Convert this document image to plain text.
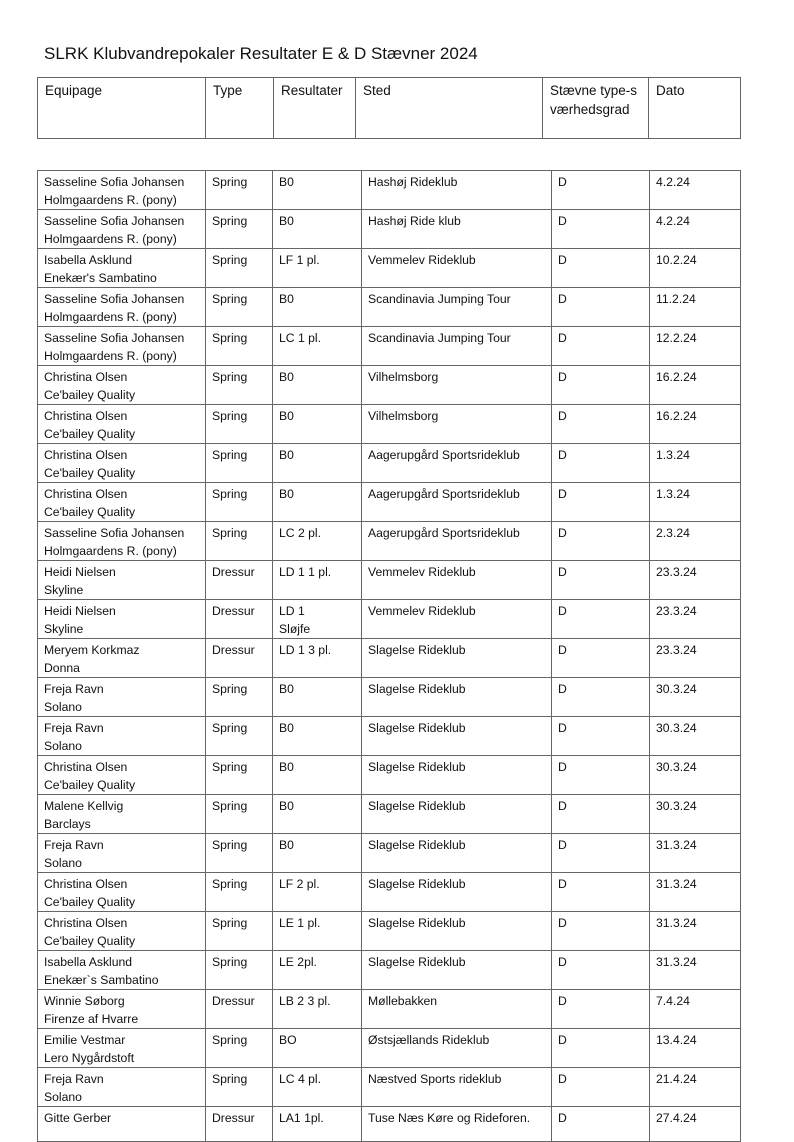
SLRK Klubvandrepokaler Resultater E & D Stævner 2024
Equipage	Type	Resultater	Sted	Stævne type-sværhedsgrad	Dato
Sasseline Sofia Johansen
Holmgaardens R. (pony)	Spring	B0	Hashøj Rideklub	D	4.2.24

Sasseline Sofia Johansen
Holmgaardens R. (pony)	Spring	B0	Hashøj Ride klub	D	4.2.24

Isabella Asklund
Enekær's Sambatino	Spring	LF 1 pl.	Vemmelev Rideklub	D	10.2.24

Sasseline Sofia Johansen
Holmgaardens R. (pony)	Spring	B0	Scandinavia Jumping Tour	D	11.2.24

Sasseline Sofia Johansen
Holmgaardens R. (pony)	Spring	LC 1 pl.	Scandinavia Jumping Tour	D	12.2.24

Christina Olsen
Ce'bailey Quality	Spring	B0	Vilhelmsborg	D	16.2.24

Christina Olsen
Ce'bailey Quality	Spring	B0	Vilhelmsborg	D	16.2.24

Christina Olsen
Ce'bailey Quality	Spring	B0	Aagerupgård Sportsrideklub	D	1.3.24

Christina Olsen
Ce'bailey Quality	Spring	B0	Aagerupgård Sportsrideklub	D	1.3.24

Sasseline Sofia Johansen
Holmgaardens R. (pony)	Spring	LC 2 pl.	Aagerupgård Sportsrideklub	D	2.3.24

Heidi Nielsen
Skyline	Dressur	LD 1 1 pl.	Vemmelev Rideklub	D	23.3.24

Heidi Nielsen
Skyline	Dressur	LD 1
Sløjfe	Vemmelev Rideklub	D	23.3.24

Meryem Korkmaz
Donna	Dressur	LD 1 3 pl.	Slagelse Rideklub	D	23.3.24

Freja Ravn
Solano	Spring	B0	Slagelse Rideklub	D	30.3.24

Freja Ravn
Solano	Spring	B0	Slagelse Rideklub	D	30.3.24

Christina Olsen
Ce'bailey Quality	Spring	B0	Slagelse Rideklub	D	30.3.24

Malene Kellvig
Barclays	Spring	B0	Slagelse Rideklub	D	30.3.24

Freja Ravn
Solano	Spring	B0	Slagelse Rideklub	D	31.3.24

Christina Olsen
Ce'bailey Quality	Spring	LF 2 pl.	Slagelse Rideklub	D	31.3.24

Christina Olsen
Ce'bailey Quality	Spring	LE 1 pl.	Slagelse Rideklub	D	31.3.24

Isabella Asklund
Enekær`s Sambatino	Spring	LE 2pl.	Slagelse Rideklub	D	31.3.24

Winnie Søborg
Firenze af Hvarre	Dressur	LB 2 3 pl.	Møllebakken	D	7.4.24

Emilie Vestmar
Lero Nygårdstoft	Spring	BO	Østsjællands Rideklub	D	13.4.24

Freja Ravn
Solano	Spring	LC 4 pl.	Næstved Sports rideklub	D	21.4.24

Gitte Gerber	Dressur	LA1 1pl.	Tuse Næs Køre og Rideforen.	D	27.4.24
